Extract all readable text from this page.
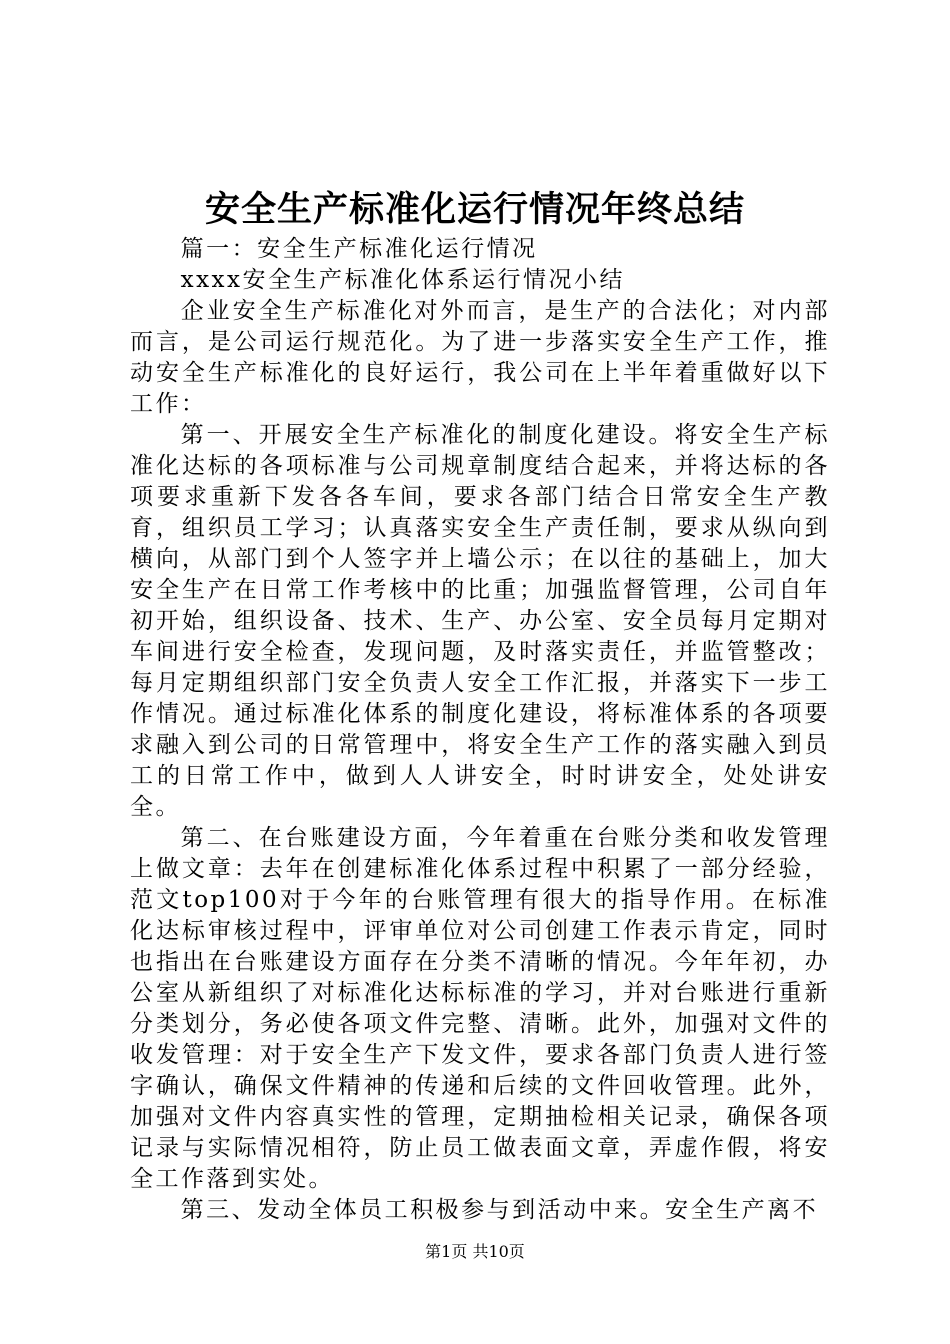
安全生产标准化运行情况年终总结

篇一：安全生产标准化运行情况

xxxx安全生产标准化体系运行情况小结

企业安全生产标准化对外而言，是生产的合法化；对内部而言，是公司运行规范化。为了进一步落实安全生产工作，推动安全生产标准化的良好运行，我公司在上半年着重做好以下工作：

第一、开展安全生产标准化的制度化建设。将安全生产标准化达标的各项标准与公司规章制度结合起来，并将达标的各项要求重新下发各各车间，要求各部门结合日常安全生产教育，组织员工学习；认真落实安全生产责任制，要求从纵向到横向，从部门到个人签字并上墙公示；在以往的基础上，加大安全生产在日常工作考核中的比重；加强监督管理，公司自年初开始，组织设备、技术、生产、办公室、安全员每月定期对车间进行安全检查，发现问题，及时落实责任，并监管整改；每月定期组织部门安全负责人安全工作汇报，并落实下一步工作情况。通过标准化体系的制度化建设，将标准体系的各项要求融入到公司的日常管理中，将安全生产工作的落实融入到员工的日常工作中，做到人人讲安全，时时讲安全，处处讲安全。

第二、在台账建设方面，今年着重在台账分类和收发管理上做文章：去年在创建标准化体系过程中积累了一部分经验，范文top100对于今年的台账管理有很大的指导作用。在标准化达标审核过程中，评审单位对公司创建工作表示肯定，同时也指出在台账建设方面存在分类不清晰的情况。今年年初，办公室从新组织了对标准化达标标准的学习，并对台账进行重新分类划分，务必使各项文件完整、清晰。此外，加强对文件的收发管理：对于安全生产下发文件，要求各部门负责人进行签字确认，确保文件精神的传递和后续的文件回收管理。此外，加强对文件内容真实性的管理，定期抽检相关记录，确保各项记录与实际情况相符，防止员工做表面文章，弄虚作假，将安全工作落到实处。

第三、发动全体员工积极参与到活动中来。安全生产离不

第1页 共10页
